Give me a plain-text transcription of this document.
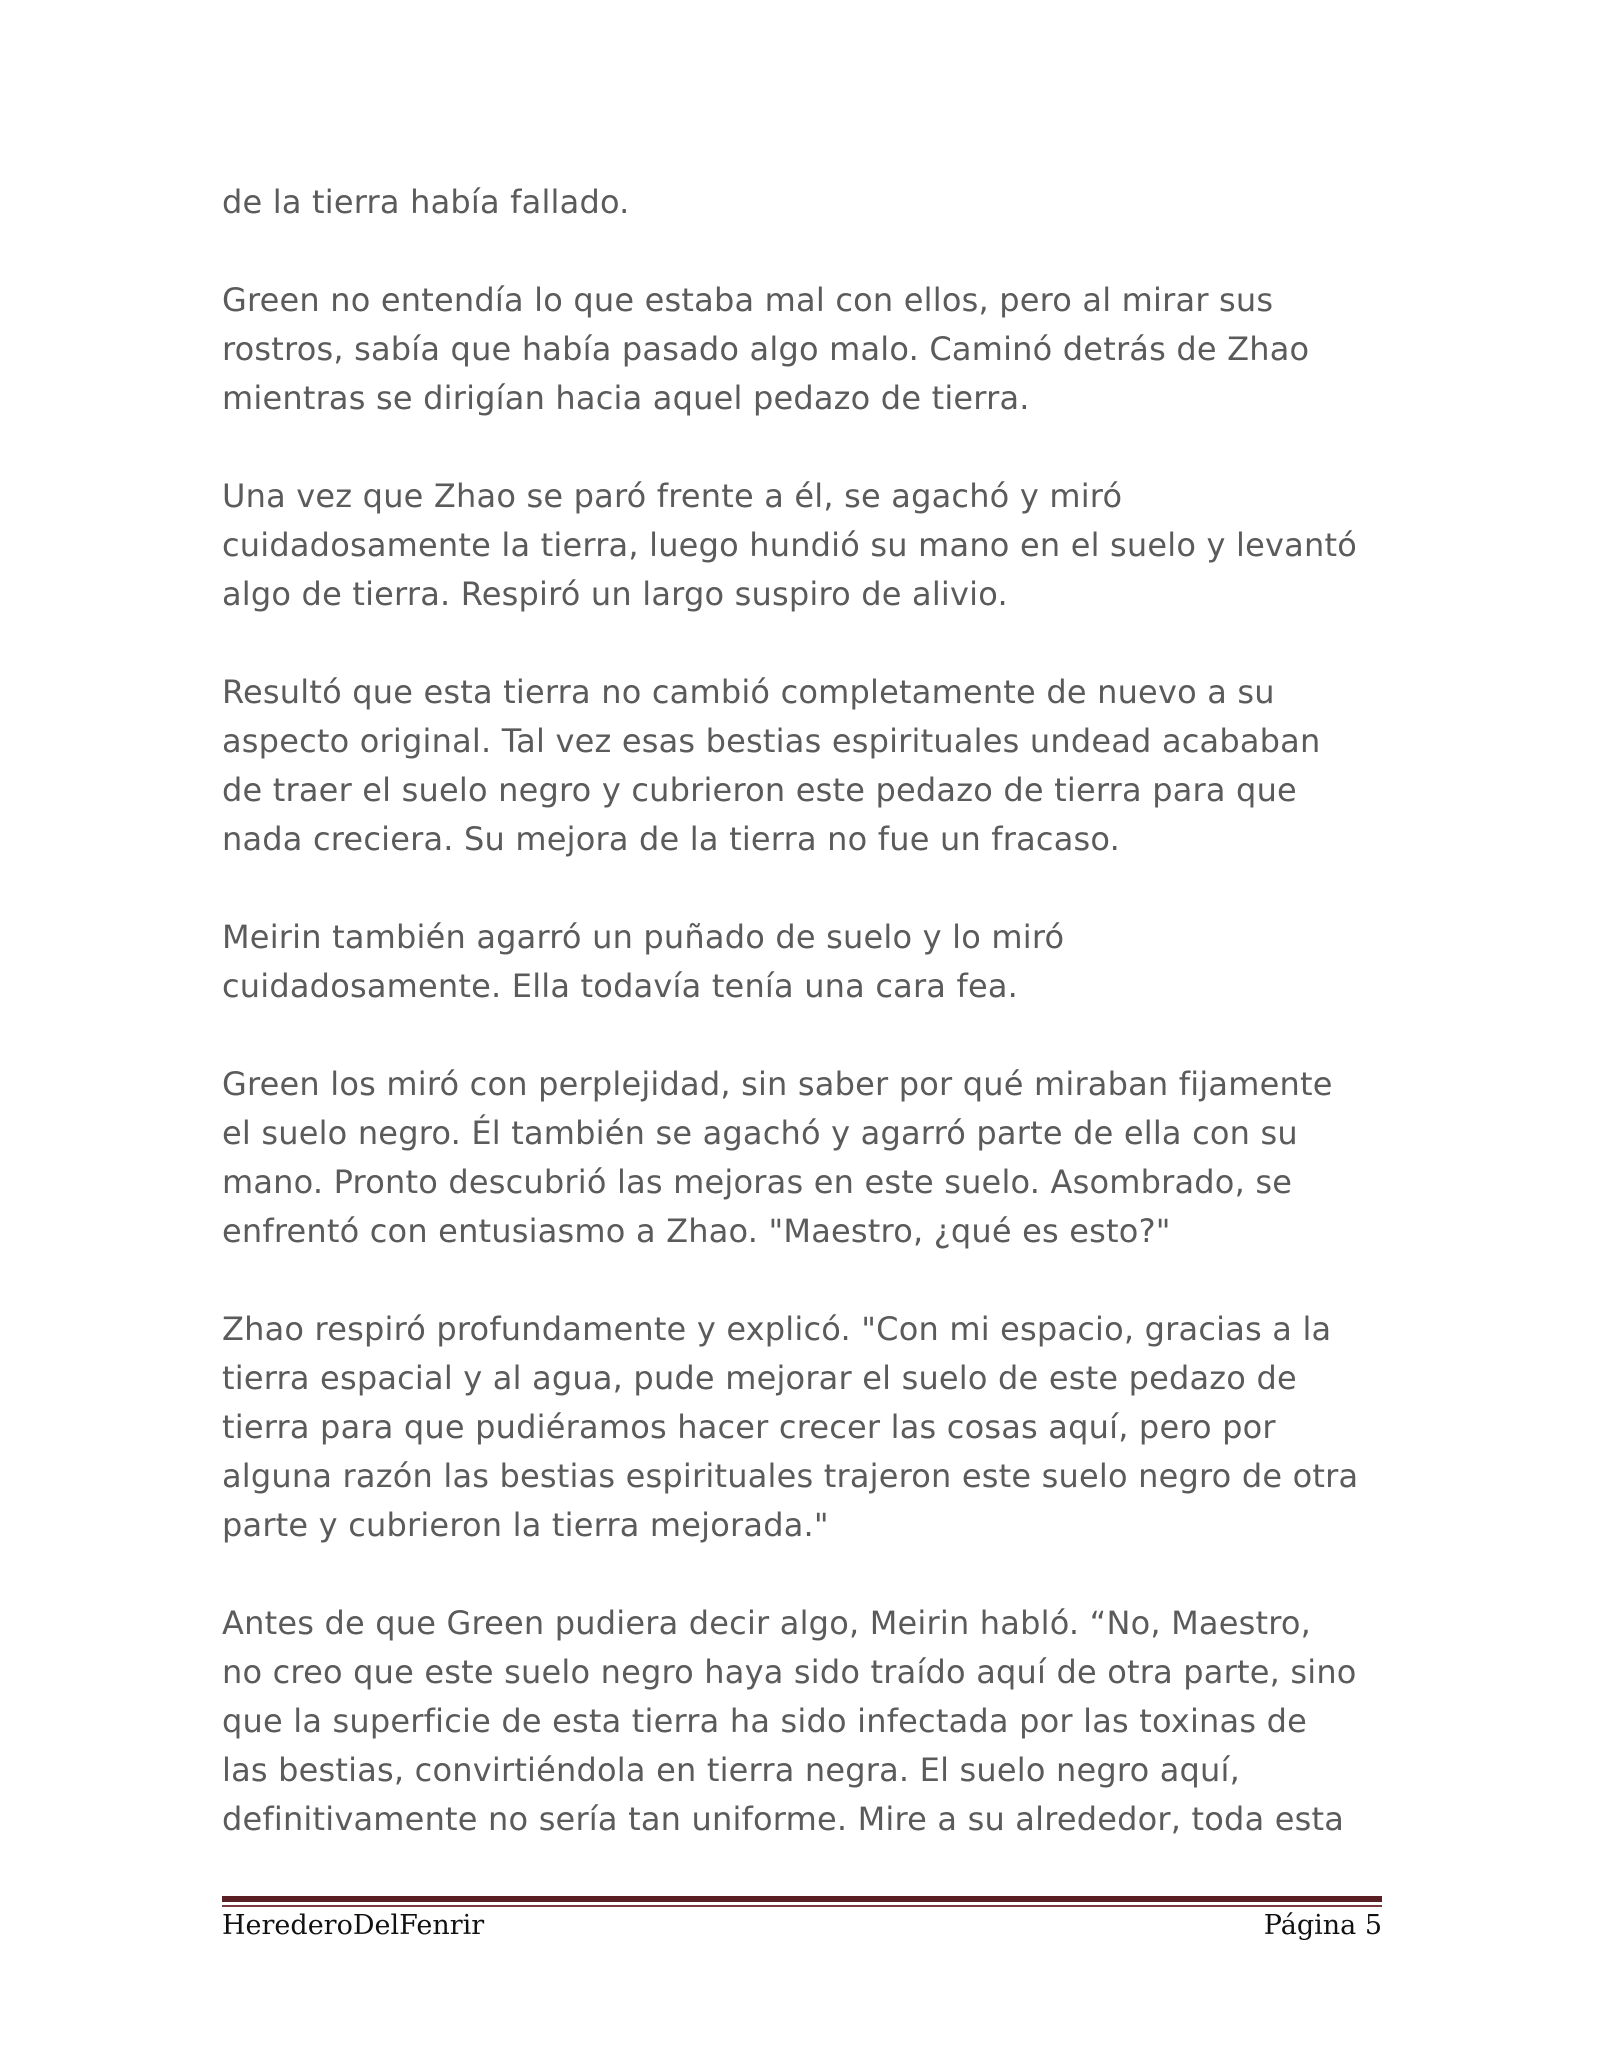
de la tierra había fallado.

Green no entendía lo que estaba mal con ellos, pero al mirar sus
rostros, sabía que había pasado algo malo. Caminó detrás de Zhao
mientras se dirigían hacia aquel pedazo de tierra.

Una vez que Zhao se paró frente a él, se agachó y miró
cuidadosamente la tierra, luego hundió su mano en el suelo y levantó
algo de tierra. Respiró un largo suspiro de alivio.

Resultó que esta tierra no cambió completamente de nuevo a su
aspecto original. Tal vez esas bestias espirituales undead acababan
de traer el suelo negro y cubrieron este pedazo de tierra para que
nada creciera. Su mejora de la tierra no fue un fracaso.

Meirin también agarró un puñado de suelo y lo miró
cuidadosamente. Ella todavía tenía una cara fea.

Green los miró con perplejidad, sin saber por qué miraban fijamente
el suelo negro. Él también se agachó y agarró parte de ella con su
mano. Pronto descubrió las mejoras en este suelo. Asombrado, se
enfrentó con entusiasmo a Zhao. "Maestro, ¿qué es esto?"

Zhao respiró profundamente y explicó. "Con mi espacio, gracias a la
tierra espacial y al agua, pude mejorar el suelo de este pedazo de
tierra para que pudiéramos hacer crecer las cosas aquí, pero por
alguna razón las bestias espirituales trajeron este suelo negro de otra
parte y cubrieron la tierra mejorada."

Antes de que Green pudiera decir algo, Meirin habló. “No, Maestro,
no creo que este suelo negro haya sido traído aquí de otra parte, sino
que la superficie de esta tierra ha sido infectada por las toxinas de
las bestias, convirtiéndola en tierra negra. El suelo negro aquí,
definitivamente no sería tan uniforme. Mire a su alrededor, toda esta

HerederoDelFenrir	Página 5
